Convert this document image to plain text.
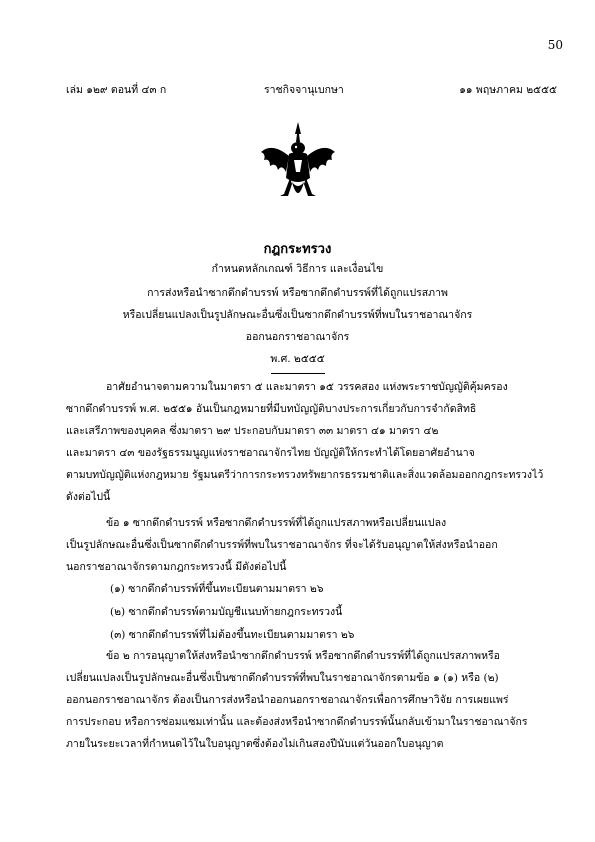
50
เล่ม ๑๒๙ ตอนที่ ๔๓ ก	ราชกิจจานุเบกษา	๑๑ พฤษภาคม ๒๕๕๕
กฎกระทรวง
กำหนดหลักเกณฑ์ วิธีการ และเงื่อนไข
การส่งหรือนำซากดึกดำบรรพ์ หรือซากดึกดำบรรพ์ที่ได้ถูกแปรสภาพ
หรือเปลี่ยนแปลงเป็นรูปลักษณะอื่นซึ่งเป็นซากดึกดำบรรพ์ที่พบในราชอาณาจักร
ออกนอกราชอาณาจักร
พ.ศ. ๒๕๕๕

อาศัยอำนาจตามความในมาตรา ๕ และมาตรา ๑๕ วรรคสอง แห่งพระราชบัญญัติคุ้มครอง

ซากดึกดำบรรพ์ พ.ศ. ๒๕๕๑ อันเป็นกฎหมายที่มีบทบัญญัติบางประการเกี่ยวกับการจำกัดสิทธิ

และเสรีภาพของบุคคล ซึ่งมาตรา ๒๙ ประกอบกับมาตรา ๓๓ มาตรา ๔๑ มาตรา ๔๒

และมาตรา ๔๓ ของรัฐธรรมนูญแห่งราชอาณาจักรไทย บัญญัติให้กระทำได้โดยอาศัยอำนาจ

ตามบทบัญญัติแห่งกฎหมาย รัฐมนตรีว่าการกระทรวงทรัพยากรธรรมชาติและสิ่งแวดล้อมออกกฎกระทรวงไว้

ดังต่อไปนี้

ข้อ ๑ ซากดึกดำบรรพ์ หรือซากดึกดำบรรพ์ที่ได้ถูกแปรสภาพหรือเปลี่ยนแปลง

เป็นรูปลักษณะอื่นซึ่งเป็นซากดึกดำบรรพ์ที่พบในราชอาณาจักร ที่จะได้รับอนุญาตให้ส่งหรือนำออก

นอกราชอาณาจักรตามกฎกระทรวงนี้ มีดังต่อไปนี้

(๑) ซากดึกดำบรรพ์ที่ขึ้นทะเบียนตามมาตรา ๒๖
(๒) ซากดึกดำบรรพ์ตามบัญชีแนบท้ายกฎกระทรวงนี้
(๓) ซากดึกดำบรรพ์ที่ไม่ต้องขึ้นทะเบียนตามมาตรา ๒๖

ข้อ ๒ การอนุญาตให้ส่งหรือนำซากดึกดำบรรพ์ หรือซากดึกดำบรรพ์ที่ได้ถูกแปรสภาพหรือ

เปลี่ยนแปลงเป็นรูปลักษณะอื่นซึ่งเป็นซากดึกดำบรรพ์ที่พบในราชอาณาจักรตามข้อ ๑ (๑) หรือ (๒)

ออกนอกราชอาณาจักร ต้องเป็นการส่งหรือนำออกนอกราชอาณาจักรเพื่อการศึกษาวิจัย การเผยแพร่

การประกอบ หรือการซ่อมแซมเท่านั้น และต้องส่งหรือนำซากดึกดำบรรพ์นั้นกลับเข้ามาในราชอาณาจักร

ภายในระยะเวลาที่กำหนดไว้ในใบอนุญาตซึ่งต้องไม่เกินสองปีนับแต่วันออกใบอนุญาต
